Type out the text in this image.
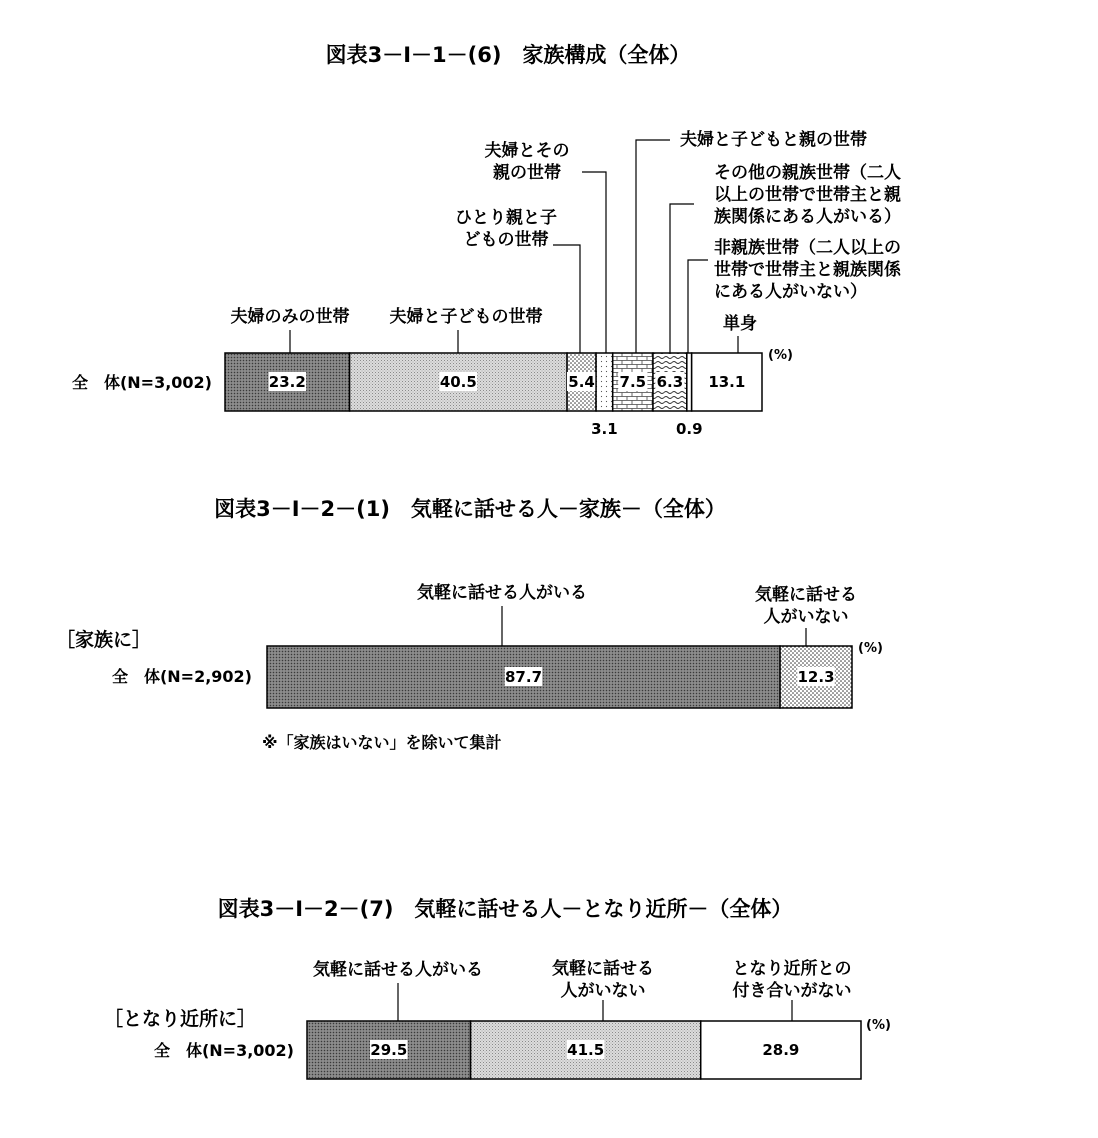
図表3－Ⅰ－1－(6)　家族構成（全体）
図表3－Ⅰ－2－(1)　気軽に話せる人－家族－（全体）
図表3－Ⅰ－2－(7)　気軽に話せる人－となり近所－（全体）
［家族に］
［となり近所に］
全　体(N=3,002)
全　体(N=2,902)
全　体(N=3,002)
(%)
(%)
(%)
※「家族はいない」を除いて集計
23.2
夫婦のみの世帯
40.5
夫婦と子どもの世帯
5.4
ひとり親と子どもの世帯
3.1
夫婦とその親の世帯
7.5
夫婦と子どもと親の世帯
6.3
その他の親族世帯（二人以上の世帯で世帯主と親族関係にある人がいる）
0.9
非親族世帯（二人以上の世帯で世帯主と親族関係にある人がいない）
13.1
単身
87.7
気軽に話せる人がいる
12.3
気軽に話せる人がいない
29.5
気軽に話せる人がいる
41.5
気軽に話せる人がいない
28.9
となり近所との付き合いがない
